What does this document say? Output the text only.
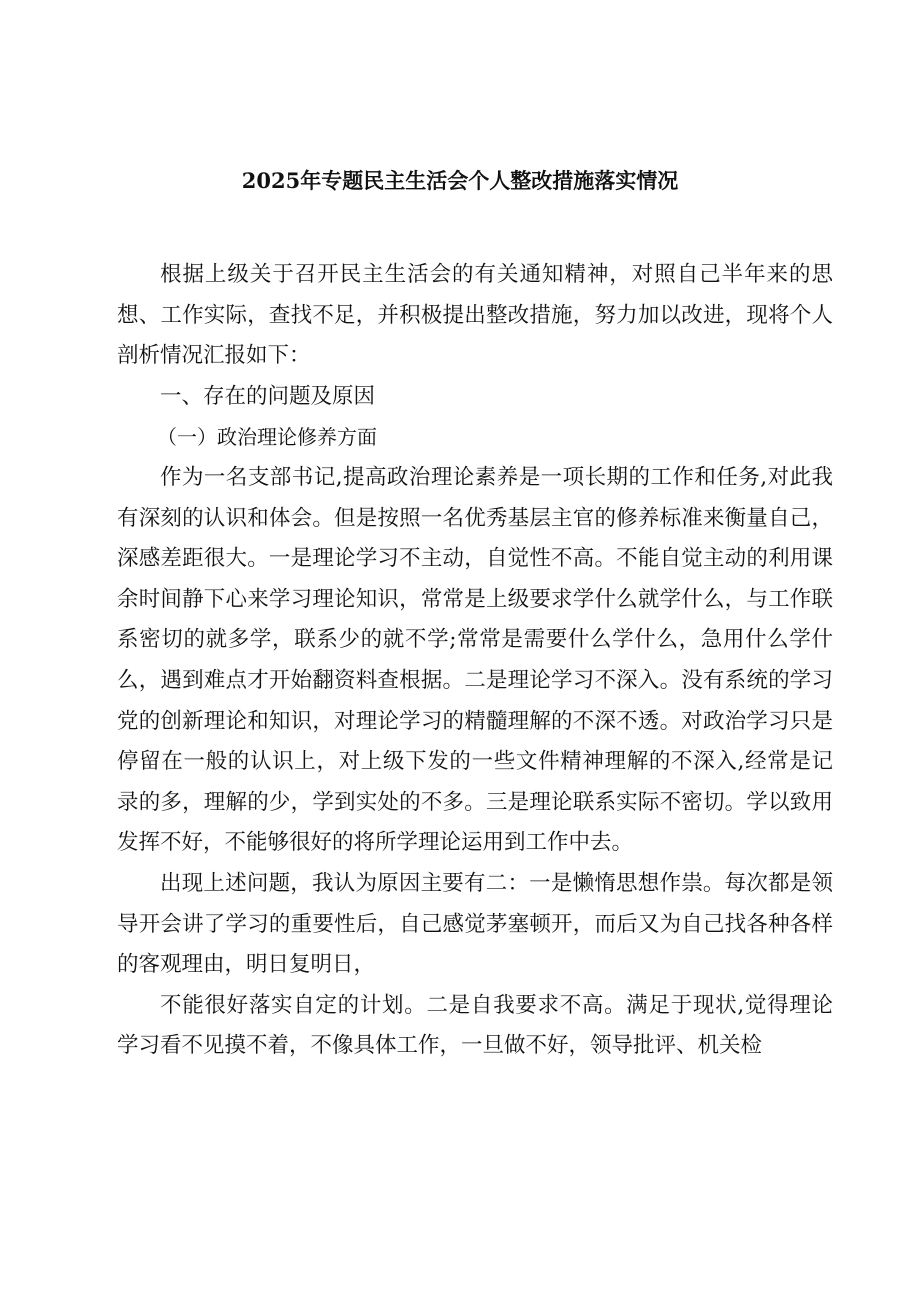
2025年专题民主生活会个人整改措施落实情况

根据上级关于召开民主生活会的有关通知精神，对照自己半年来的思想、工作实际，查找不足，并积极提出整改措施，努力加以改进，现将个人剖析情况汇报如下：

一、存在的问题及原因

（一）政治理论修养方面

作为一名支部书记,提高政治理论素养是一项长期的工作和任务,对此我有深刻的认识和体会。但是按照一名优秀基层主官的修养标准来衡量自己，深感差距很大。一是理论学习不主动，自觉性不高。不能自觉主动的利用课余时间静下心来学习理论知识，常常是上级要求学什么就学什么，与工作联系密切的就多学，联系少的就不学;常常是需要什么学什么，急用什么学什么，遇到难点才开始翻资料查根据。二是理论学习不深入。没有系统的学习党的创新理论和知识，对理论学习的精髓理解的不深不透。对政治学习只是停留在一般的认识上，对上级下发的一些文件精神理解的不深入,经常是记录的多，理解的少，学到实处的不多。三是理论联系实际不密切。学以致用发挥不好，不能够很好的将所学理论运用到工作中去。

出现上述问题，我认为原因主要有二：一是懒惰思想作祟。每次都是领导开会讲了学习的重要性后，自己感觉茅塞顿开，而后又为自己找各种各样的客观理由，明日复明日，

不能很好落实自定的计划。二是自我要求不高。满足于现状,觉得理论学习看不见摸不着，不像具体工作，一旦做不好，领导批评、机关检
